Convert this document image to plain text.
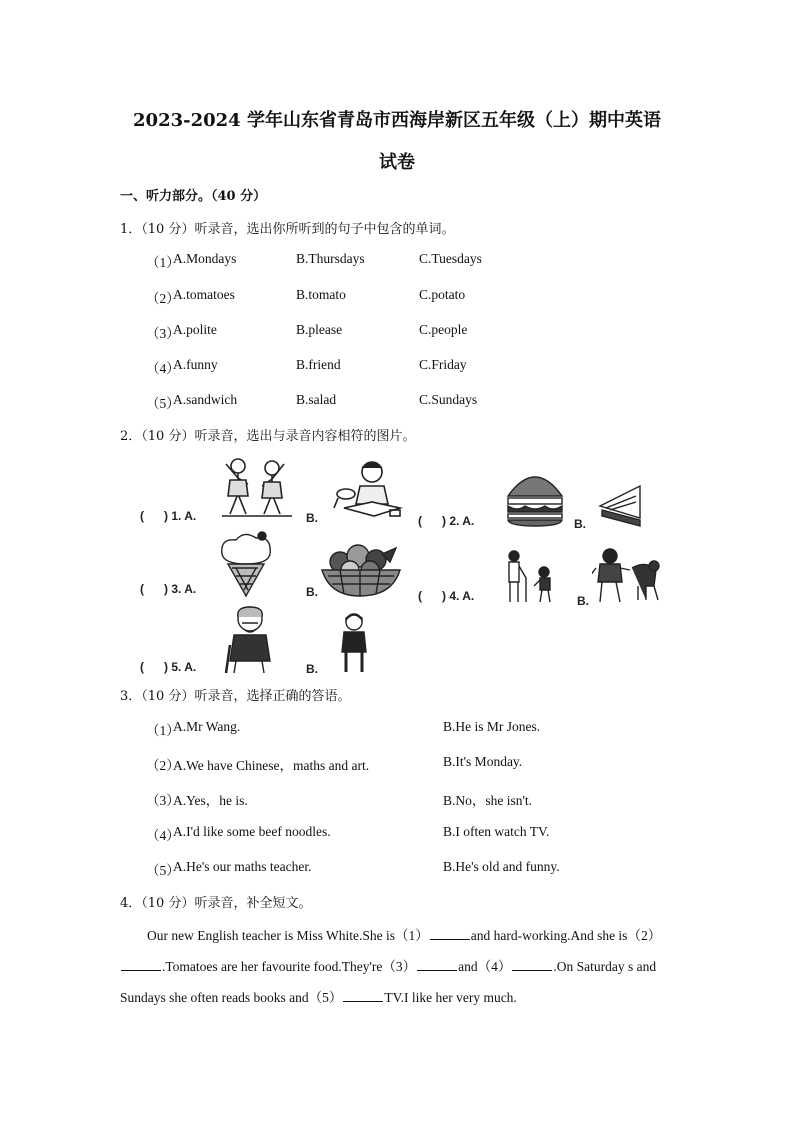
2023-2024 学年山东省青岛市西海岸新区五年级（上）期中英语
试卷
一、听力部分。（40 分）
1．（10 分）听录音，选出你所听到的句子中包含的单词。
（1）
A.Mondays	B.Thursdays	C.Tuesdays
（2）
A.tomatoes	B.tomato	C.potato
（3）
A.polite	B.please	C.people
（4）
A.funny	B.friend	C.Friday
（5）
A.sandwich	B.salad	C.Sundays
2．（10 分）听录音，选出与录音内容相符的图片。
(      ) 1. A.	B.	(      ) 2. A.	B.
(      ) 3. A.	B.	(      ) 4. A.	B.
(      ) 5. A.	B.
3．（10 分）听录音，选择正确的答语。
（1）
A.Mr Wang.	B.He is Mr Jones.
（2）
A.We have Chinese，maths and art.	B.It's Monday.
（3）
A.Yes，he is.	B.No，she isn't.
（4）
A.I'd like some beef noodles.	B.I often watch TV.
（5）
A.He's our maths teacher.	B.He's old and funny.
4．（10 分）听录音，补全短文。
Our new English teacher is Miss White.She is（1）	and hard-working.And she is（2）
.Tomatoes are her favourite food.They're（3）	and（4）	.On Saturday s and
Sundays she often reads books and（5）	TV.I like her very much.
